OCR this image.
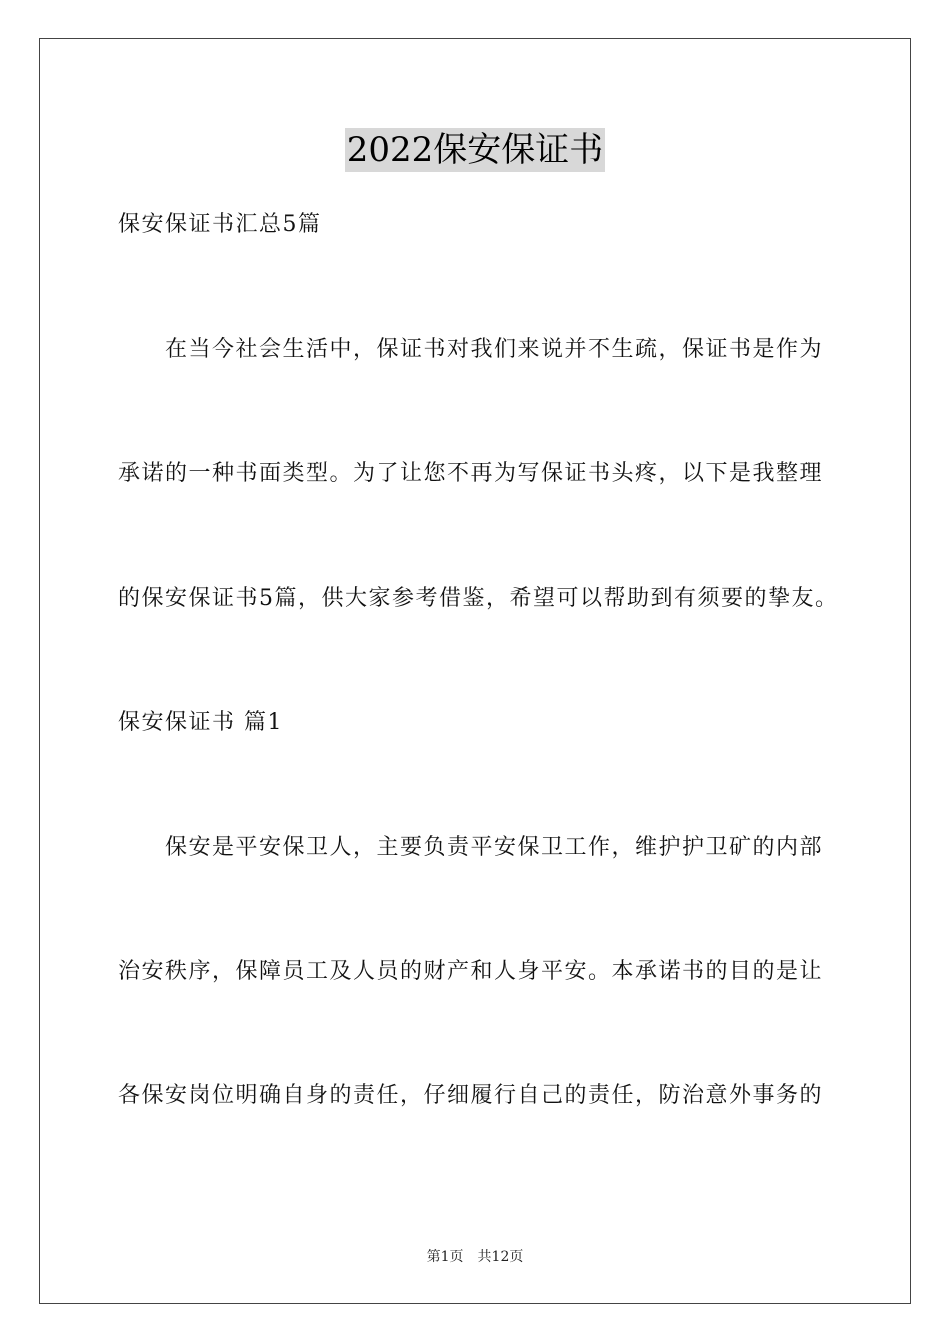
2022保安保证书
保安保证书汇总5篇
在当今社会生活中，保证书对我们来说并不生疏，保证书是作为
承诺的一种书面类型。为了让您不再为写保证书头疼，以下是我整理
的保安保证书5篇，供大家参考借鉴，希望可以帮助到有须要的挚友。
保安保证书 篇1
保安是平安保卫人，主要负责平安保卫工作，维护护卫矿的内部
治安秩序，保障员工及人员的财产和人身平安。本承诺书的目的是让
各保安岗位明确自身的责任，仔细履行自己的责任，防治意外事务的
第1页 共12页
